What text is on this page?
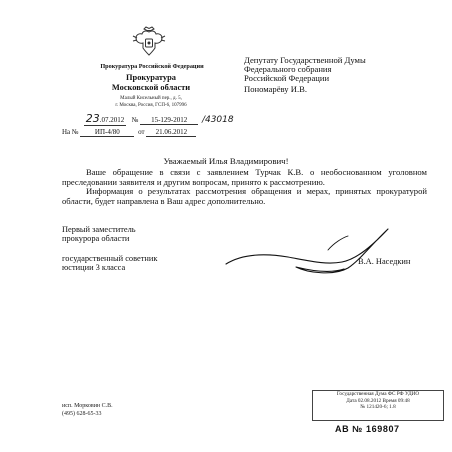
Прокуратура Российской Федерации
Прокуратура
Московской области
Малый Кисельный пер., д. 5,
г. Москва, Россия, ГСП-6, 107996
Депутату Государственной Думы
Федерального собрания
Российской Федерации
Пономарёву И.В.
23.07.2012 № 15-129-2012 /43018
На № ИП-4/80	от 21.06.2012
Уважаемый Илья Владимирович!

Ваше обращение в связи с заявлением Турчак К.В. о необоснованном уголовном преследовании заявителя и другим вопросам, принято к рассмотрению.

Информация о результатах рассмотрения обращения и мерах, принятых прокуратурой области, будет направлена в Ваш адрес дополнительно.

Первый заместитель
прокурора области
государственный советник
юстиции 3 класса
В.А. Наседкин
исп. Морковин С.В.
(495) 628-65-33
Государственная Дума ФС РФ УДИО
Дата 02.08.2012 Время 09:48
№ 121420-6; 1.8
АВ № 169807
